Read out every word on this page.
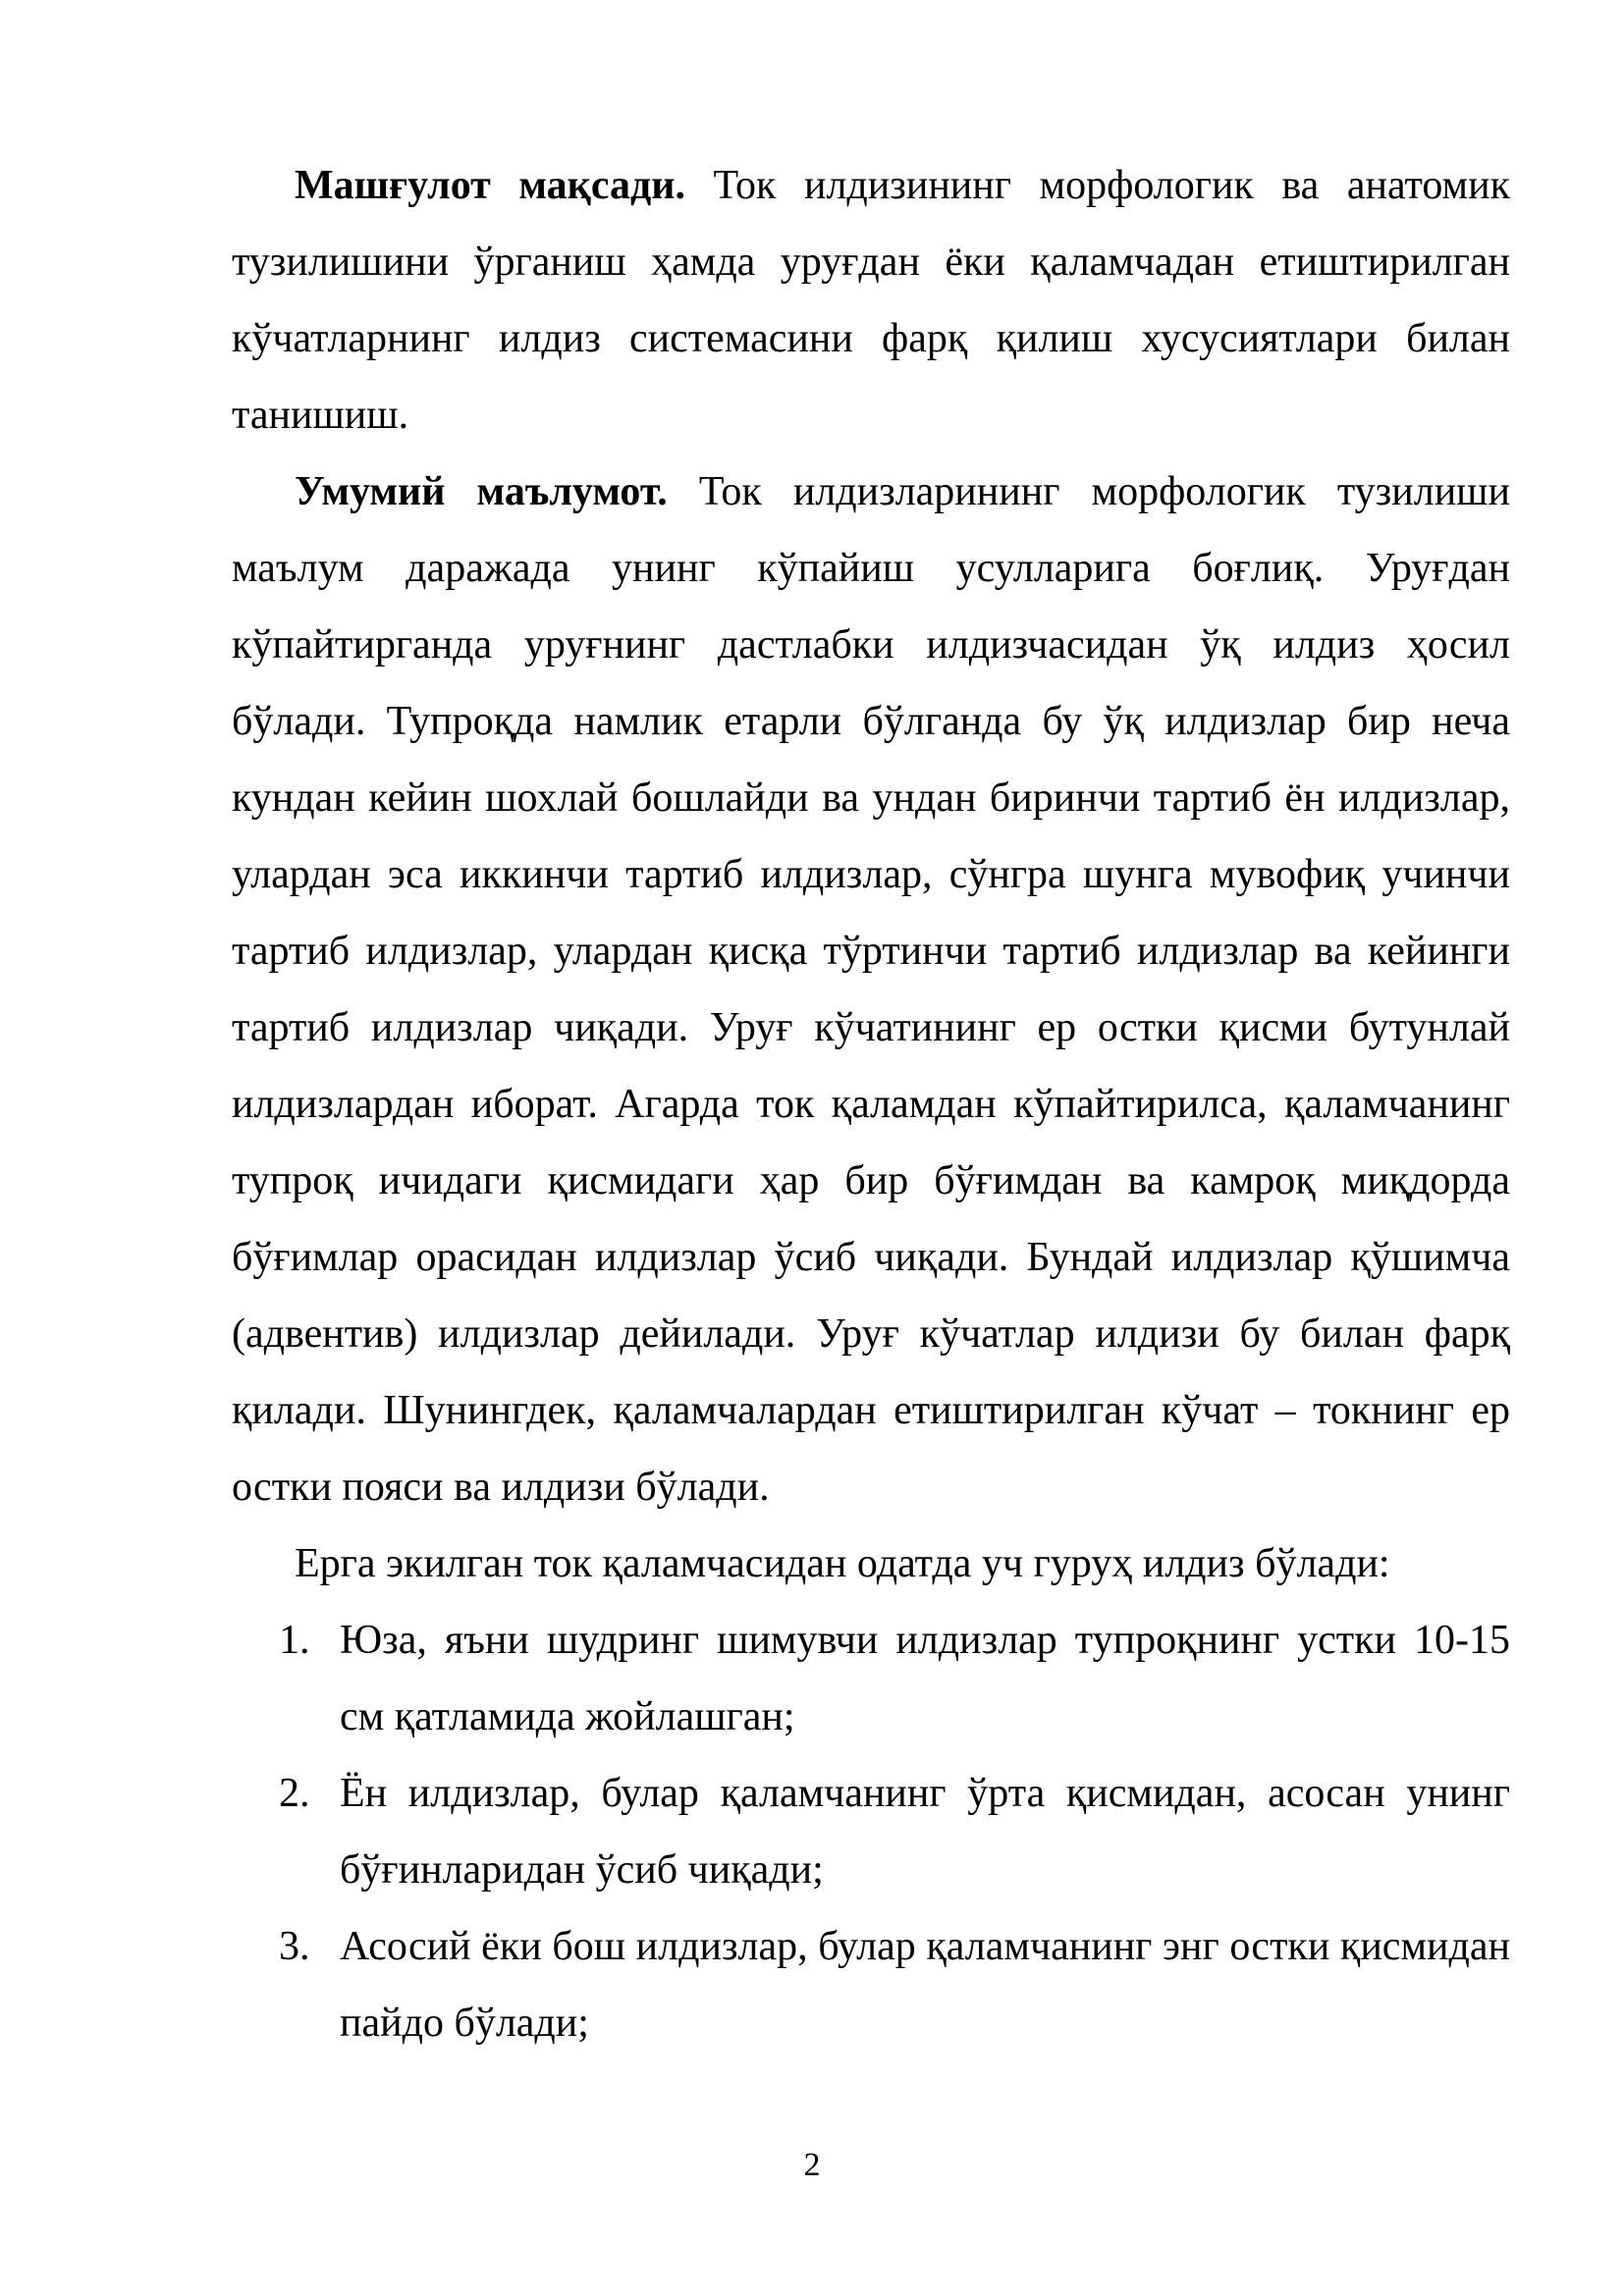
Машғулот мақсади. Ток илдизининг морфологик ва анатомик тузилишини ўрганиш ҳамда уруғдан ёки қаламчадан етиштирилган кўчатларнинг илдиз системасини фарқ қилиш хусусиятлари билан танишиш.

Умумий маълумот. Ток илдизларининг морфологик тузилиши маълум даражада унинг кўпайиш усулларига боғлиқ. Уруғдан кўпайтирганда уруғнинг дастлабки илдизчасидан ўқ илдиз ҳосил бўлади. Тупроқда намлик етарли бўлганда бу ўқ илдизлар бир неча кундан кейин шохлай бошлайди ва ундан биринчи тартиб ён илдизлар, улардан эса иккинчи тартиб илдизлар, сўнгра шунга мувофиқ учинчи тартиб илдизлар, улардан қисқа тўртинчи тартиб илдизлар ва кейинги тартиб илдизлар чиқади. Уруғ кўчатининг ер остки қисми бутунлай илдизлардан иборат. Агарда ток қаламдан кўпайтирилса, қаламчанинг тупроқ ичидаги қисмидаги ҳар бир бўғимдан ва камроқ миқдорда бўғимлар орасидан илдизлар ўсиб чиқади. Бундай илдизлар қўшимча (адвентив) илдизлар дейилади. Уруғ кўчатлар илдизи бу билан фарқ қилади. Шунингдек, қаламчалардан етиштирилган кўчат – токнинг ер остки пояси ва илдизи бўлади.

Ерга экилган ток қаламчасидан одатда уч гуруҳ илдиз бўлади:

1. Юза, яъни шудринг шимувчи илдизлар тупроқнинг устки 10-15 см қатламида жойлашган;
2. Ён илдизлар, булар қаламчанинг ўрта қисмидан, асосан унинг бўғинларидан ўсиб чиқади;
3. Асосий ёки бош илдизлар, булар қаламчанинг энг остки қисмидан пайдо бўлади;
2
